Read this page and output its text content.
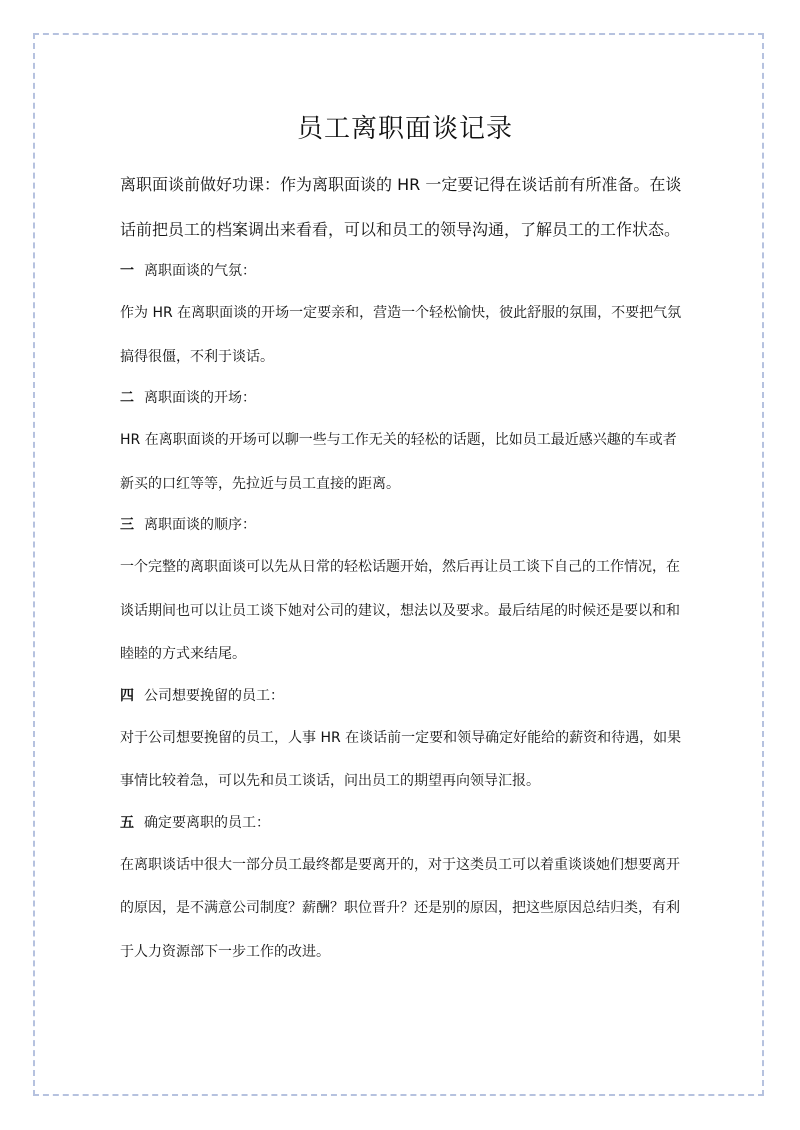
员工离职面谈记录

离职面谈前做好功课：作为离职面谈的 HR 一定要记得在谈话前有所准备。在谈话前把员工的档案调出来看看，可以和员工的领导沟通，了解员工的工作状态。

一 离职面谈的气氛：

作为 HR 在离职面谈的开场一定要亲和，营造一个轻松愉快，彼此舒服的氛围，不要把气氛搞得很僵，不利于谈话。

二 离职面谈的开场：

HR 在离职面谈的开场可以聊一些与工作无关的轻松的话题，比如员工最近感兴趣的车或者新买的口红等等，先拉近与员工直接的距离。

三 离职面谈的顺序：

一个完整的离职面谈可以先从日常的轻松话题开始，然后再让员工谈下自己的工作情况，在谈话期间也可以让员工谈下她对公司的建议，想法以及要求。最后结尾的时候还是要以和和睦睦的方式来结尾。

四 公司想要挽留的员工：

对于公司想要挽留的员工，人事 HR 在谈话前一定要和领导确定好能给的薪资和待遇，如果事情比较着急，可以先和员工谈话，问出员工的期望再向领导汇报。

五 确定要离职的员工：

在离职谈话中很大一部分员工最终都是要离开的，对于这类员工可以着重谈谈她们想要离开的原因，是不满意公司制度？薪酬？职位晋升？还是别的原因，把这些原因总结归类，有利于人力资源部下一步工作的改进。
